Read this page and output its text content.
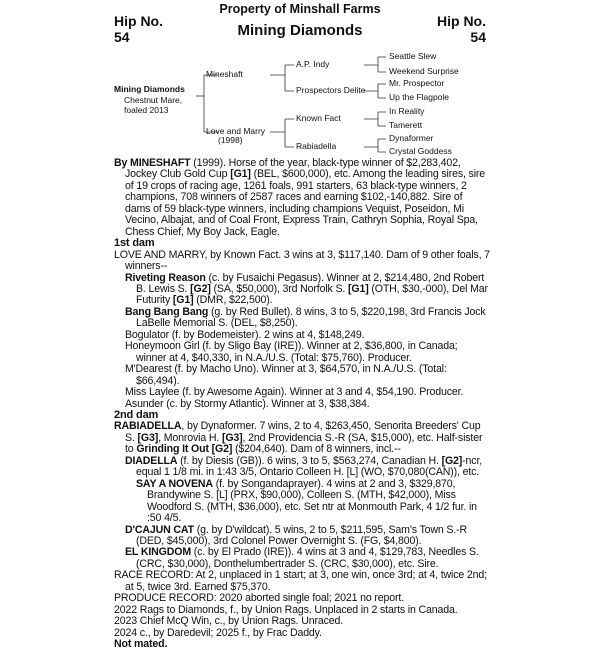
Property of Minshall Farms
Hip No.
54	Mining Diamonds
Hip No.
54
Mining Diamonds
Chestnut Mare,
foaled 2013
Mineshaft
Love and Marry
(1998)
A.P. Indy
Prospectors Delite
Known Fact
Rabiadella
Seattle Slew
Weekend Surprise
Mr. Prospector
Up the Flagpole
In Reality
Tamerett
Dynaformer
Crystal Goddess

By MINESHAFT (1999). Horse of the year, black-type winner of $2,283,402, Jockey Club Gold Cup [G1] (BEL, $600,000), etc. Among the leading sires, sire of 19 crops of racing age, 1261 foals, 991 starters, 63 black-type winners, 2 champions, 708 winners of 2587 races and earning $102,-140,882. Sire of dams of 59 black-type winners, including champions Vequist, Poseidon, Mi Vecino, Albajat, and of Coal Front, Express Train, Cathryn Sophia, Royal Spa, Chess Chief, My Boy Jack, Eagle.

1st dam

LOVE AND MARRY, by Known Fact. 3 wins at 3, $117,140. Dam of 9 other foals, 7 winners--

Riveting Reason (c. by Fusaichi Pegasus). Winner at 2, $214,480, 2nd Robert B. Lewis S. [G2] (SA, $50,000), 3rd Norfolk S. [G1] (OTH, $30,-000), Del Mar Futurity [G1] (DMR, $22,500).

Bang Bang Bang (g. by Red Bullet). 8 wins, 3 to 5, $220,198, 3rd Francis Jock LaBelle Memorial S. (DEL, $8,250).

Bogulator (f. by Bodemeister). 2 wins at 4, $148,249.

Honeymoon Girl (f. by Sligo Bay (IRE)). Winner at 2, $36,800, in Canada; winner at 4, $40,330, in N.A./U.S. (Total: $75,760). Producer.

M'Dearest (f. by Macho Uno). Winner at 3, $64,570, in N.A./U.S. (Total: $66,494).

Miss Laylee (f. by Awesome Again). Winner at 3 and 4, $54,190. Producer.

Asunder (c. by Stormy Atlantic). Winner at 3, $38,384.

2nd dam

RABIADELLA, by Dynaformer. 7 wins, 2 to 4, $263,450, Senorita Breeders' Cup S. [G3], Monrovia H. [G3], 2nd Providencia S.-R (SA, $15,000), etc. Half-sister to Grinding It Out [G2] ($204,640). Dam of 8 winners, incl.--

DIADELLA (f. by Diesis (GB)). 6 wins, 3 to 5, $563,274, Canadian H. [G2]-ncr, equal 1 1/8 mi. in 1:43 3/5, Ontario Colleen H. [L] (WO, $70,080(CAN)), etc.

SAY A NOVENA (f. by Songandaprayer). 4 wins at 2 and 3, $329,870, Brandywine S. [L] (PRX, $90,000), Colleen S. (MTH, $42,000), Miss Woodford S. (MTH, $36,000), etc. Set ntr at Monmouth Park, 4 1/2 fur. in :50 4/5.

D'CAJUN CAT (g. by D'wildcat). 5 wins, 2 to 5, $211,595, Sam's Town S.-R (DED, $45,000), 3rd Colonel Power Overnight S. (FG, $4,800).

EL KINGDOM (c. by El Prado (IRE)). 4 wins at 3 and 4, $129,783, Needles S. (CRC, $30,000), Donthelumbertrader S. (CRC, $30,000), etc. Sire.

RACE RECORD: At 2, unplaced in 1 start; at 3, one win, once 3rd; at 4, twice 2nd; at 5, twice 3rd. Earned $75,370.

PRODUCE RECORD: 2020 aborted single foal; 2021 no report.

2022 Rags to Diamonds, f., by Union Rags. Unplaced in 2 starts in Canada.

2023 Chief McQ Win, c., by Union Rags. Unraced.

2024 c., by Daredevil; 2025 f., by Frac Daddy.

Not mated.
